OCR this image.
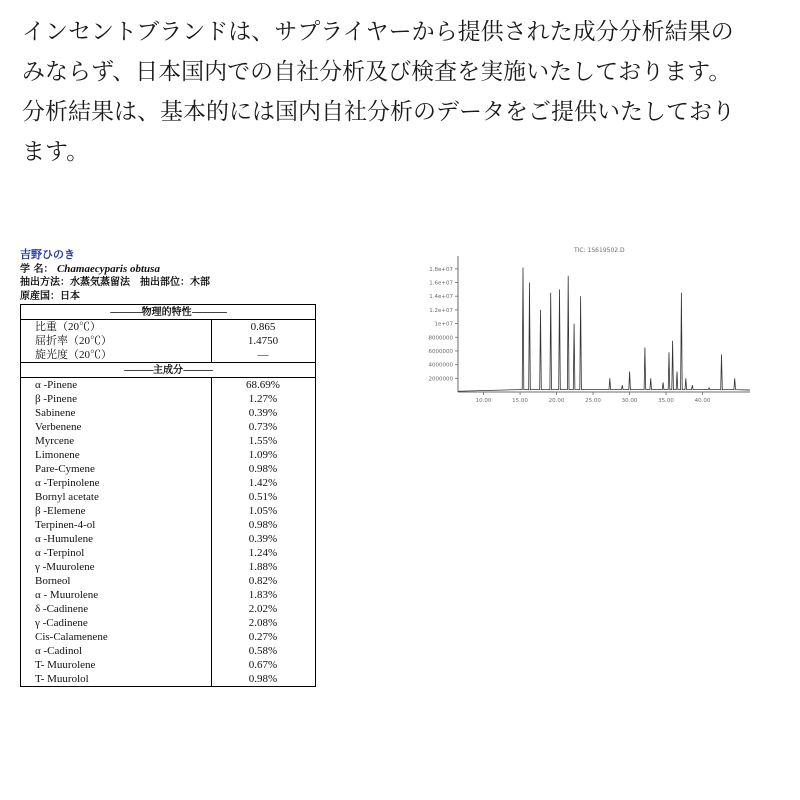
インセントブランドは、サプライヤーから提供された成分分析結果の

みならず、日本国内での自社分析及び検査を実施いたしております。

分析結果は、基本的には国内自社分析のデータをご提供いたしており

ます。

吉野ひのき
学 名： Chamaecyparis obtusa
抽出方法：水蒸気蒸留法　抽出部位：木部
原産国：日本
------------物理的特性-------------
比重（20℃）	0.865
屈折率（20℃）	1.4750
旋光度（20℃）	―
-----------主成分-----------
α -Pinene	68.69%
β -Pinene	1.27%
Sabinene	0.39%
Verbenene	0.73%
Myrcene	1.55%
Limonene	1.09%
Pare-Cymene	0.98%
α -Terpinolene	1.42%
Bornyl acetate	0.51%
β -Elemene	1.05%
Terpinen-4-ol	0.98%
α -Humulene	0.39%
α -Terpinol	1.24%
γ -Muurolene	1.88%
Borneol	0.82%
α - Muurolene	1.83%
δ -Cadinene	2.02%
γ -Cadinene	2.08%
Cis-Calamenene	0.27%
α -Cadinol	0.58%
T- Muurolene	0.67%
T- Muurolol	0.98%
TIC: 1S619502.D
1.8e+07
1.6e+07
1.4e+07
1.2e+07
1e+07
8000000
6000000
4000000
2000000
10.00	15.00	20.00	25.00	30.00	35.00	40.00
